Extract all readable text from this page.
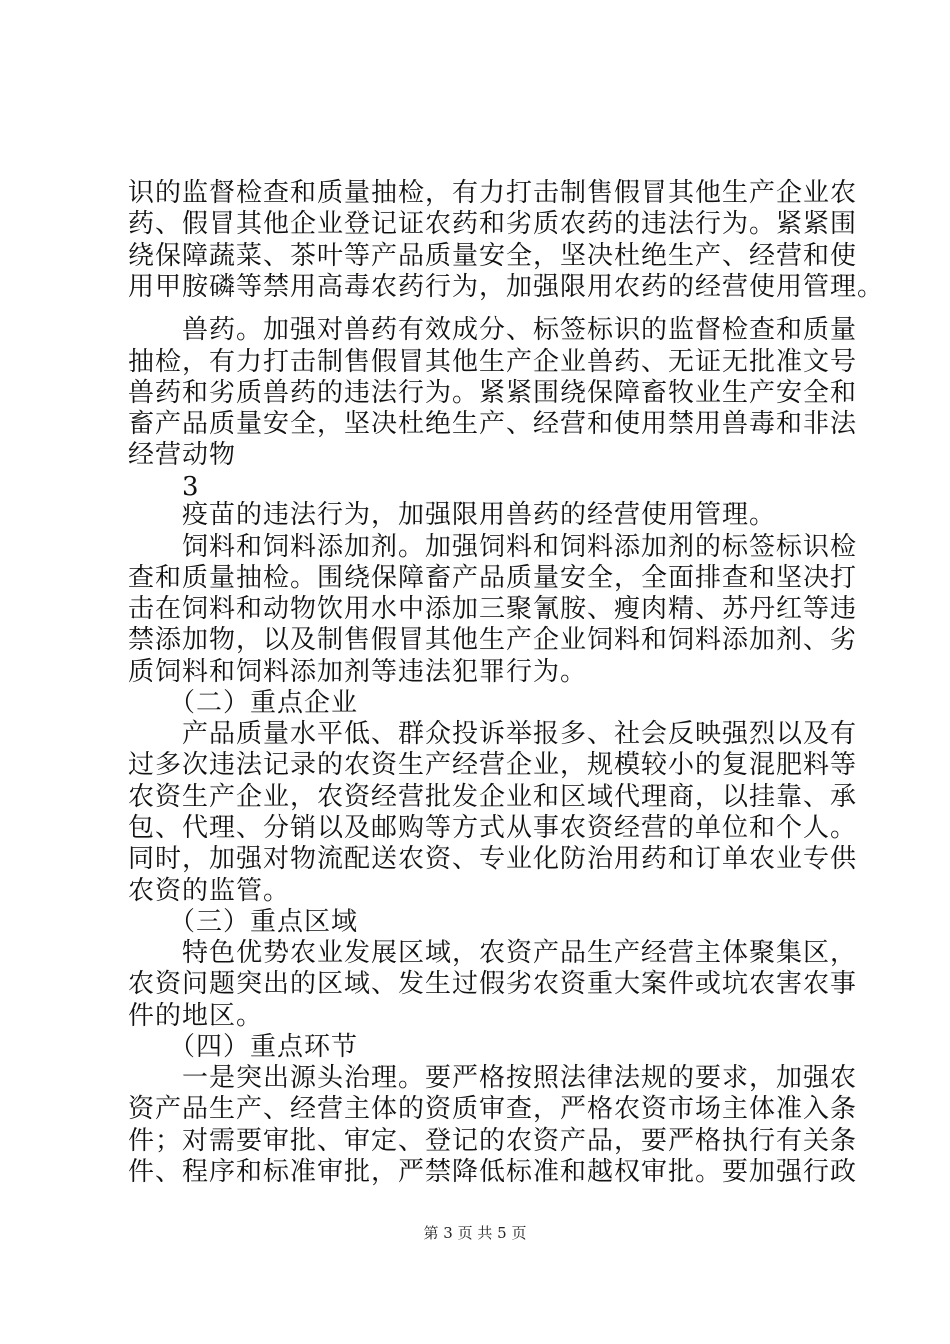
识的监督检查和质量抽检，有力打击制售假冒其他生产企业农
药、假冒其他企业登记证农药和劣质农药的违法行为。紧紧围
绕保障蔬菜、茶叶等产品质量安全，坚决杜绝生产、经营和使
用甲胺磷等禁用高毒农药行为，加强限用农药的经营使用管理。
　　兽药。加强对兽药有效成分、标签标识的监督检查和质量
抽检，有力打击制售假冒其他生产企业兽药、无证无批准文号
兽药和劣质兽药的违法行为。紧紧围绕保障畜牧业生产安全和
畜产品质量安全，坚决杜绝生产、经营和使用禁用兽毒和非法
经营动物
　　3
　　疫苗的违法行为，加强限用兽药的经营使用管理。
　　饲料和饲料添加剂。加强饲料和饲料添加剂的标签标识检
查和质量抽检。围绕保障畜产品质量安全，全面排查和坚决打
击在饲料和动物饮用水中添加三聚氰胺、瘦肉精、苏丹红等违
禁添加物，以及制售假冒其他生产企业饲料和饲料添加剂、劣
质饲料和饲料添加剂等违法犯罪行为。
　　（二）重点企业
　　产品质量水平低、群众投诉举报多、社会反映强烈以及有
过多次违法记录的农资生产经营企业，规模较小的复混肥料等
农资生产企业，农资经营批发企业和区域代理商，以挂靠、承
包、代理、分销以及邮购等方式从事农资经营的单位和个人。
同时，加强对物流配送农资、专业化防治用药和订单农业专供
农资的监管。
　　（三）重点区域
　　特色优势农业发展区域，农资产品生产经营主体聚集区，
农资问题突出的区域、发生过假劣农资重大案件或坑农害农事
件的地区。
　　（四）重点环节
　　一是突出源头治理。要严格按照法律法规的要求，加强农
资产品生产、经营主体的资质审查，严格农资市场主体准入条
件；对需要审批、审定、登记的农资产品，要严格执行有关条
件、程序和标准审批，严禁降低标准和越权审批。要加强行政
第 3 页 共 5 页
